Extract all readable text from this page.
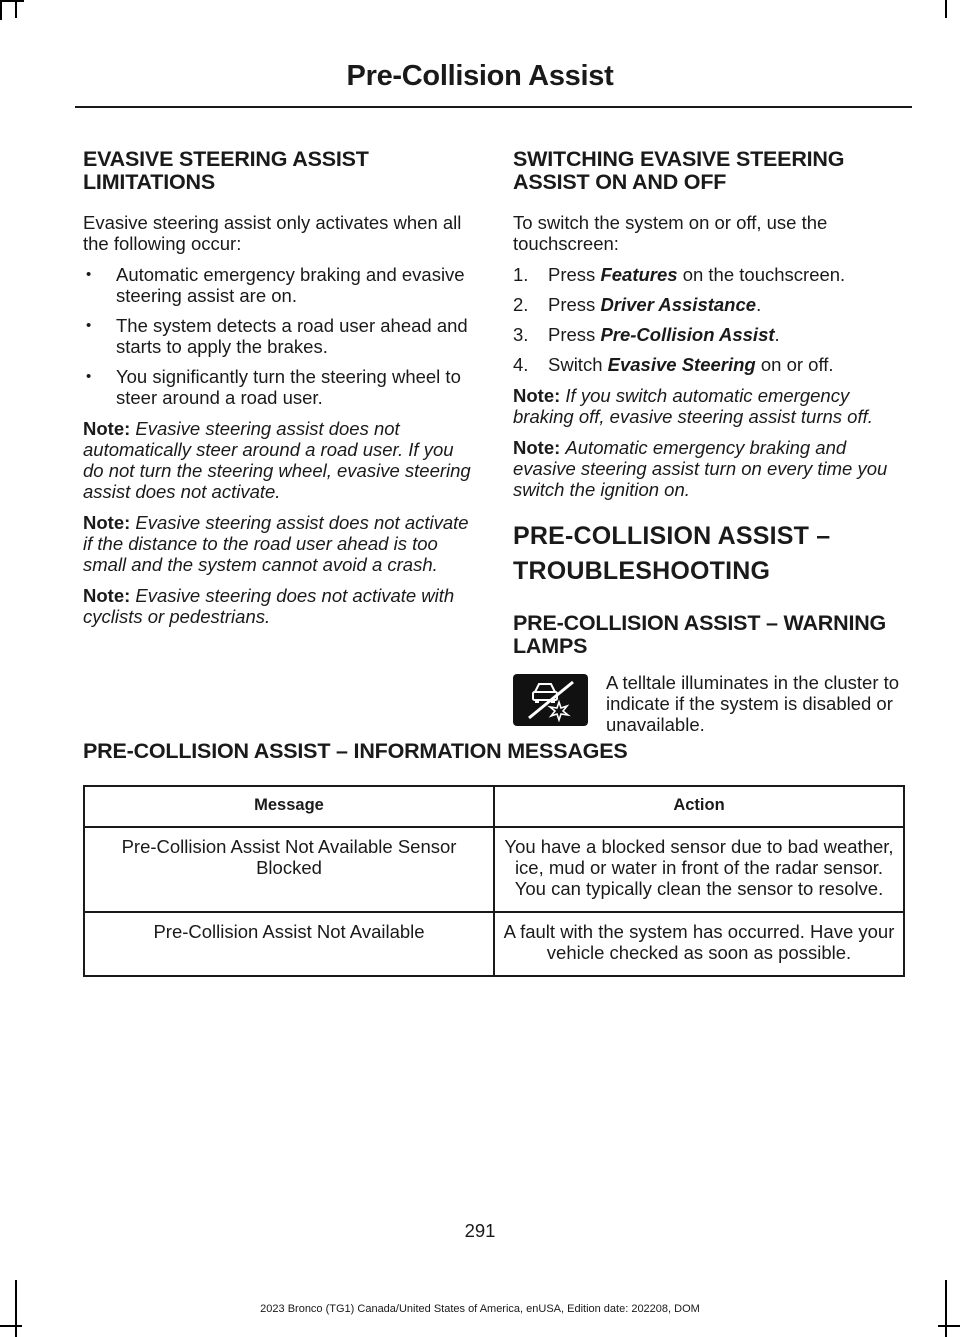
Pre-Collision Assist
EVASIVE STEERING ASSIST LIMITATIONS

Evasive steering assist only activates when all the following occur:

• Automatic emergency braking and evasive steering assist are on.
• The system detects a road user ahead and starts to apply the brakes.
• You significantly turn the steering wheel to steer around a road user.

Note: Evasive steering assist does not automatically steer around a road user. If you do not turn the steering wheel, evasive steering assist does not activate.

Note: Evasive steering assist does not activate if the distance to the road user ahead is too small and the system cannot avoid a crash.

Note: Evasive steering does not activate with cyclists or pedestrians.

SWITCHING EVASIVE STEERING ASSIST ON AND OFF

To switch the system on or off, use the touchscreen:

1. Press Features on the touchscreen.
2. Press Driver Assistance.
3. Press Pre-Collision Assist.
4. Switch Evasive Steering on or off.

Note: If you switch automatic emergency braking off, evasive steering assist turns off.

Note: Automatic emergency braking and evasive steering assist turn on every time you switch the ignition on.

PRE-COLLISION ASSIST –
TROUBLESHOOTING
PRE-COLLISION ASSIST – WARNING LAMPS
A telltale illuminates in the cluster to indicate if the system is disabled or unavailable.
PRE-COLLISION ASSIST – INFORMATION MESSAGES
Message	Action
Pre-Collision Assist Not Available Sensor Blocked	You have a blocked sensor due to bad weather, ice, mud or water in front of the radar sensor. You can typically clean the sensor to resolve.
Pre-Collision Assist Not Available	A fault with the system has occurred. Have your vehicle checked as soon as possible.
291
2023 Bronco (TG1) Canada/United States of America, enUSA, Edition date: 202208, DOM
